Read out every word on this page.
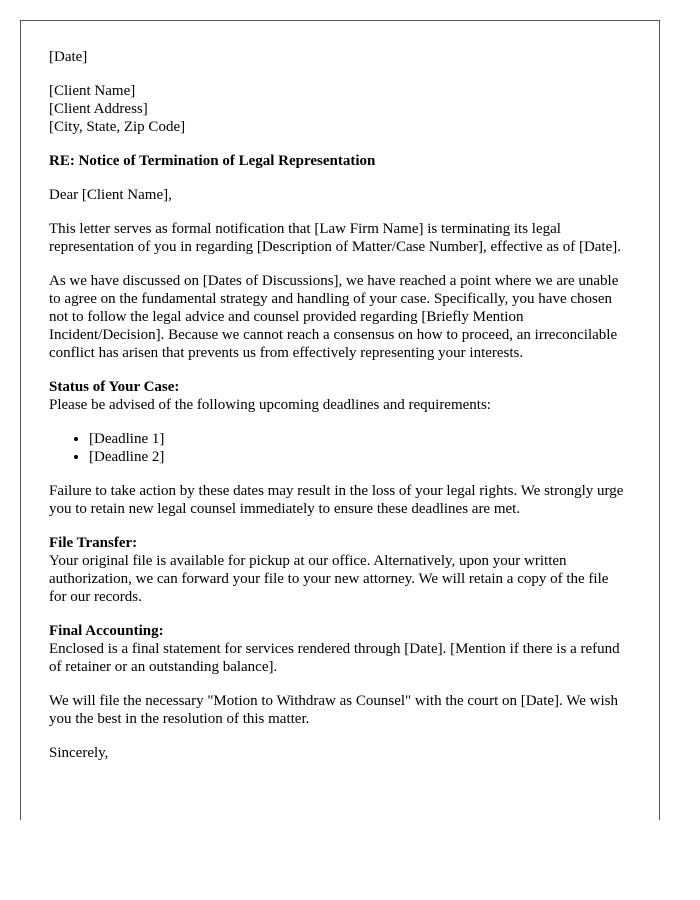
[Date]

[Client Name]
[Client Address]
[City, State, Zip Code]

RE: Notice of Termination of Legal Representation

Dear [Client Name],

This letter serves as formal notification that [Law Firm Name] is terminating its legal representation of you in regarding [Description of Matter/Case Number], effective as of [Date].

As we have discussed on [Dates of Discussions], we have reached a point where we are unable to agree on the fundamental strategy and handling of your case. Specifically, you have chosen not to follow the legal advice and counsel provided regarding [Briefly Mention Incident/Decision]. Because we cannot reach a consensus on how to proceed, an irreconcilable conflict has arisen that prevents us from effectively representing your interests.

Status of Your Case:
Please be advised of the following upcoming deadlines and requirements:
• [Deadline 1]
• [Deadline 2]

Failure to take action by these dates may result in the loss of your legal rights. We strongly urge you to retain new legal counsel immediately to ensure these deadlines are met.

File Transfer:
Your original file is available for pickup at our office. Alternatively, upon your written authorization, we can forward your file to your new attorney. We will retain a copy of the file for our records.
Final Accounting:
Enclosed is a final statement for services rendered through [Date]. [Mention if there is a refund of retainer or an outstanding balance].

We will file the necessary "Motion to Withdraw as Counsel" with the court on [Date]. We wish you the best in the resolution of this matter.

Sincerely,
